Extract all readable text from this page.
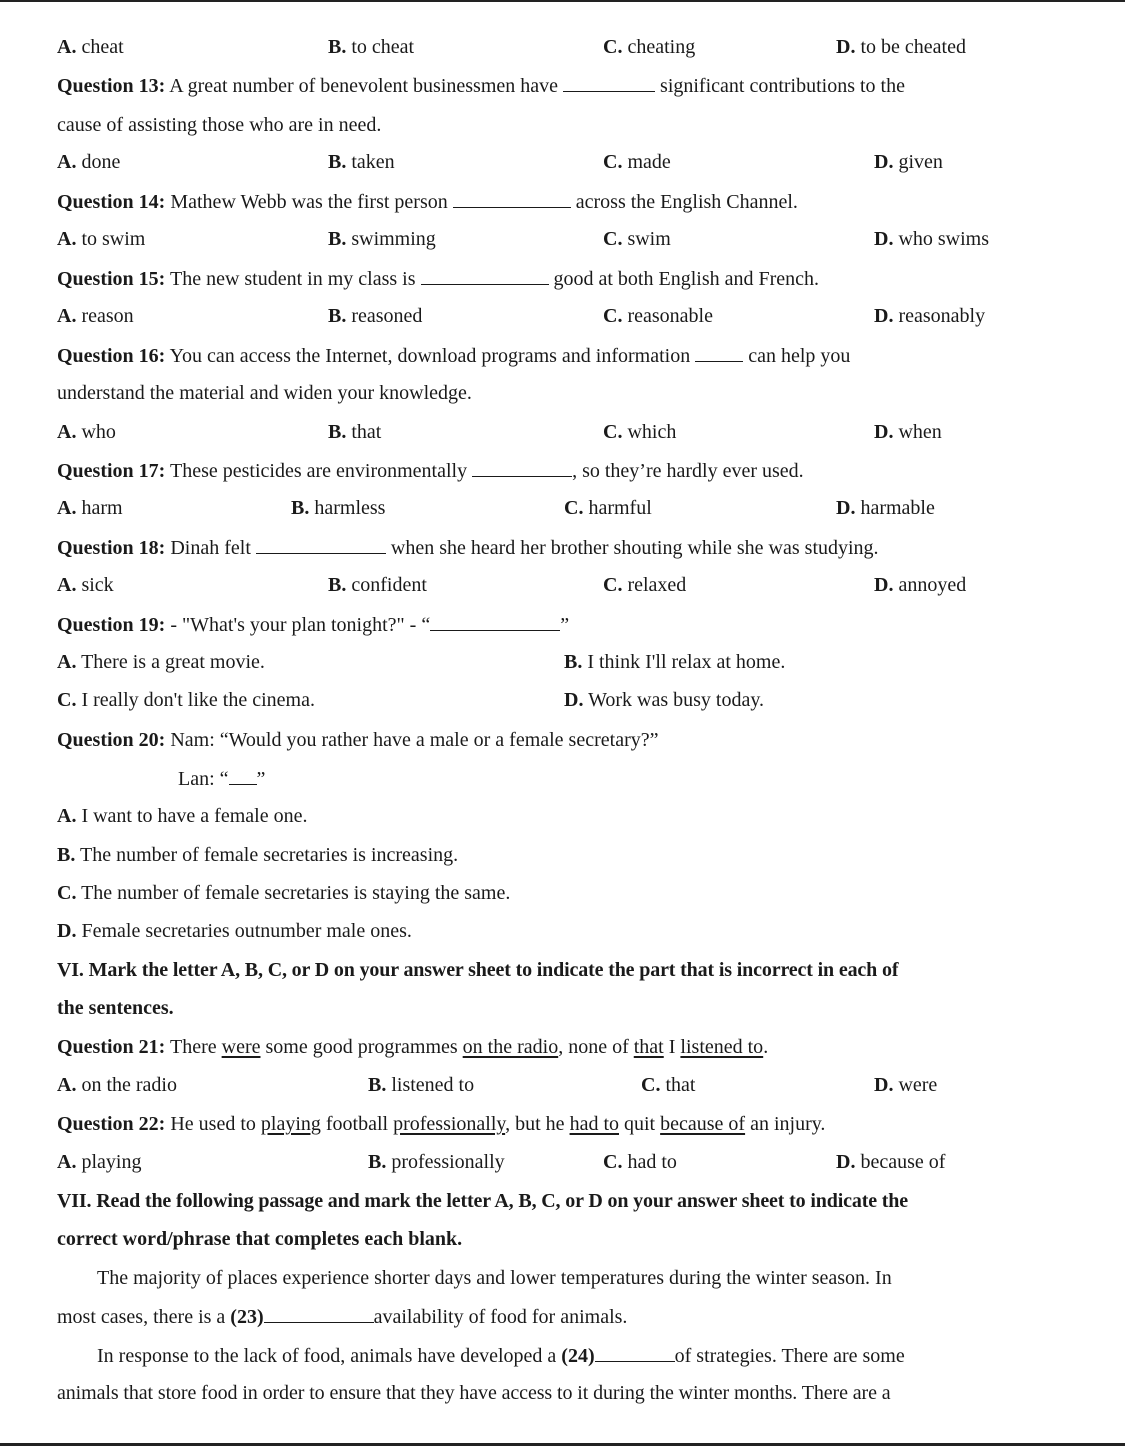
A. cheat	B. to cheat	C. cheating	D. to be cheated
Question 13: A great number of benevolent businessmen have	significant contributions to the
cause of assisting those who are in need.
A. done	B. taken	C. made	D. given
Question 14: Mathew Webb was the first person	across the English Channel.
A. to swim	B. swimming	C. swim	D. who swims
Question 15: The new student in my class is	good at both English and French.
A. reason	B. reasoned	C. reasonable	D. reasonably
Question 16: You can access the Internet, download programs and information  can help you
understand the material and widen your knowledge.
A. who	B. that	C. which	D. when
Question 17: These pesticides are environmentally	, so they’re hardly ever used.
A. harm	B. harmless	C. harmful	D. harmable
Question 18: Dinah felt	when she heard her brother shouting while she was studying.
A. sick	B. confident	C. relaxed	D. annoyed
Question 19: - "What's your plan tonight?" - “	”
A. There is a great movie.	B. I think I'll relax at home.
C. I really don't like the cinema.	D. Work was busy today.
Question 20: Nam: “Would you rather have a male or a female secretary?”
Lan: “ ”
A. I want to have a female one.
B. The number of female secretaries is increasing.
C. The number of female secretaries is staying the same.
D. Female secretaries outnumber male ones.
VI. Mark the letter A, B, C, or D on your answer sheet to indicate the part that is incorrect in each of
the sentences.
Question 21: There were some good programmes on the radio, none of that I listened to.
A. on the radio	B. listened to	C. that	D. were
Question 22: He used to playing football professionally, but he had to quit because of an injury.
A. playing	B. professionally	C. had to	D. because of
VII. Read the following passage and mark the letter A, B, C, or D on your answer sheet to indicate the
correct word/phrase that completes each blank.
The majority of places experience shorter days and lower temperatures during the winter season. In
most cases, there is a (23)	availability of food for animals.
In response to the lack of food, animals have developed a (24)	of strategies. There are some
animals that store food in order to ensure that they have access to it during the winter months. There are a
